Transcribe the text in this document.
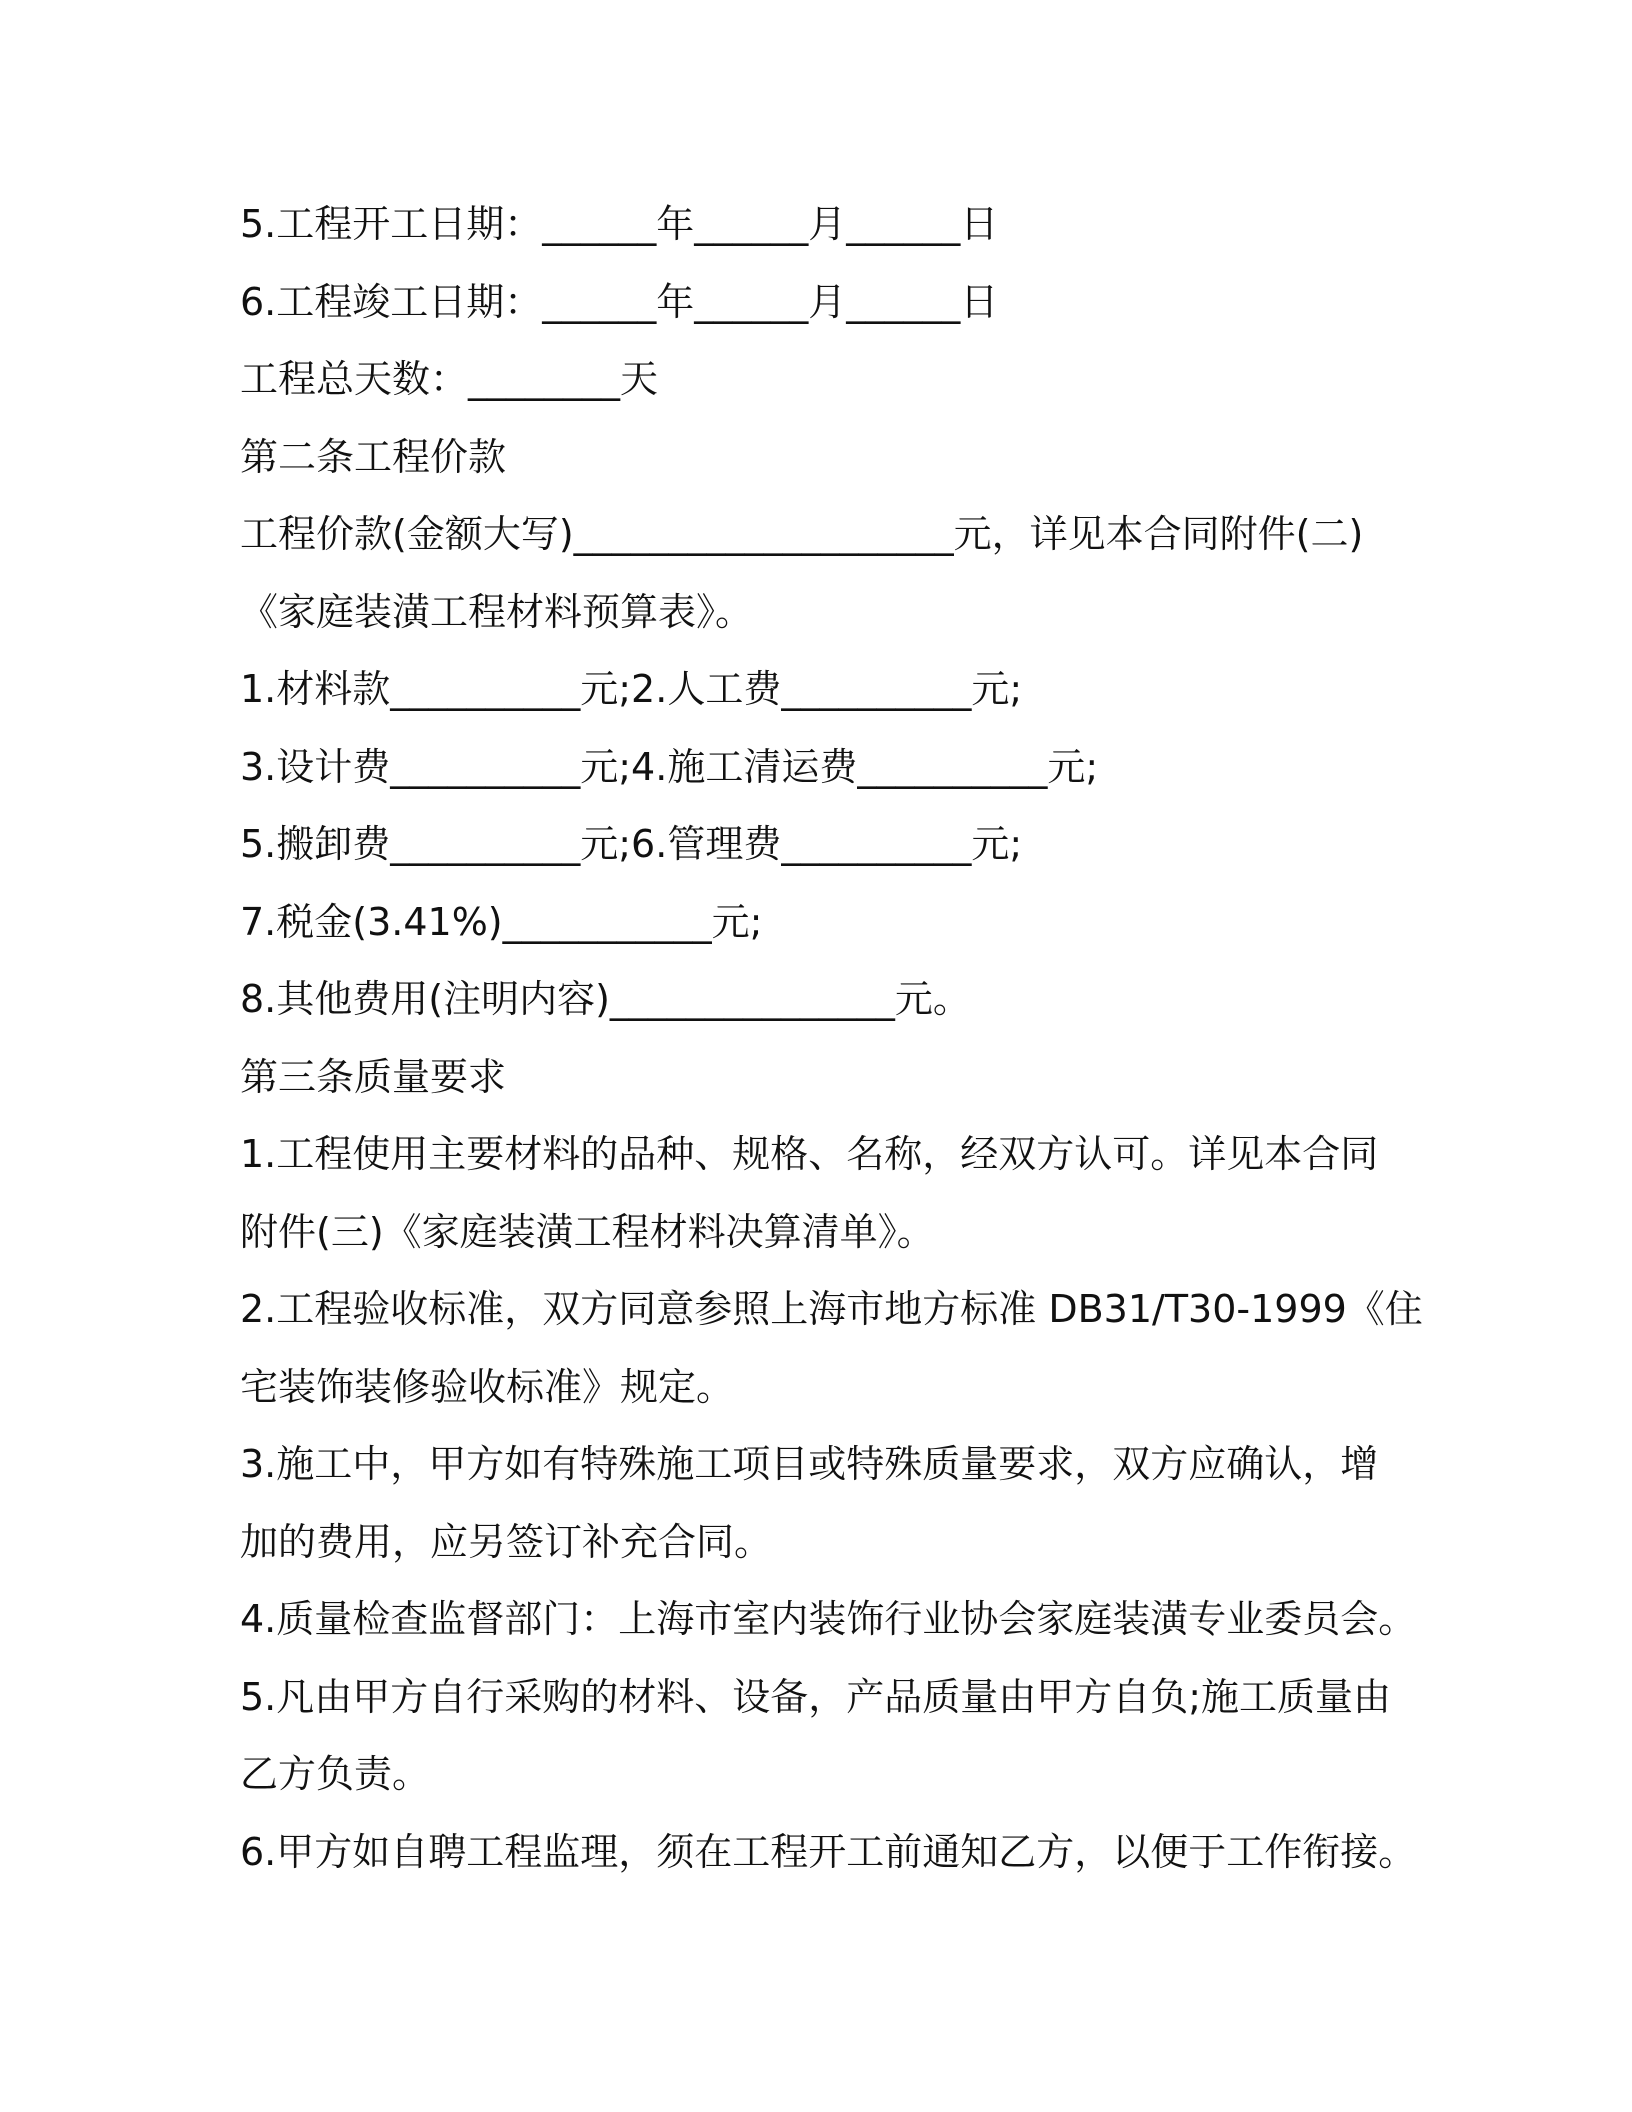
5.工程开工日期：______年______月______日
6.工程竣工日期：______年______月______日
工程总天数：________天
第二条工程价款
工程价款(金额大写)____________________元，详见本合同附件(二)
《家庭装潢工程材料预算表》。
1.材料款__________元;2.人工费__________元;
3.设计费__________元;4.施工清运费__________元;
5.搬卸费__________元;6.管理费__________元;
7.税金(3.41%)___________元;
8.其他费用(注明内容)_______________元。
第三条质量要求
1.工程使用主要材料的品种、规格、名称，经双方认可。详见本合同
附件(三)《家庭装潢工程材料决算清单》。
2.工程验收标准，双方同意参照上海市地方标准 DB31/T30-1999《住
宅装饰装修验收标准》规定。
3.施工中，甲方如有特殊施工项目或特殊质量要求，双方应确认，增
加的费用，应另签订补充合同。
4.质量检查监督部门：上海市室内装饰行业协会家庭装潢专业委员会。
5.凡由甲方自行采购的材料、设备，产品质量由甲方自负;施工质量由
乙方负责。
6.甲方如自聘工程监理，须在工程开工前通知乙方，以便于工作衔接。
